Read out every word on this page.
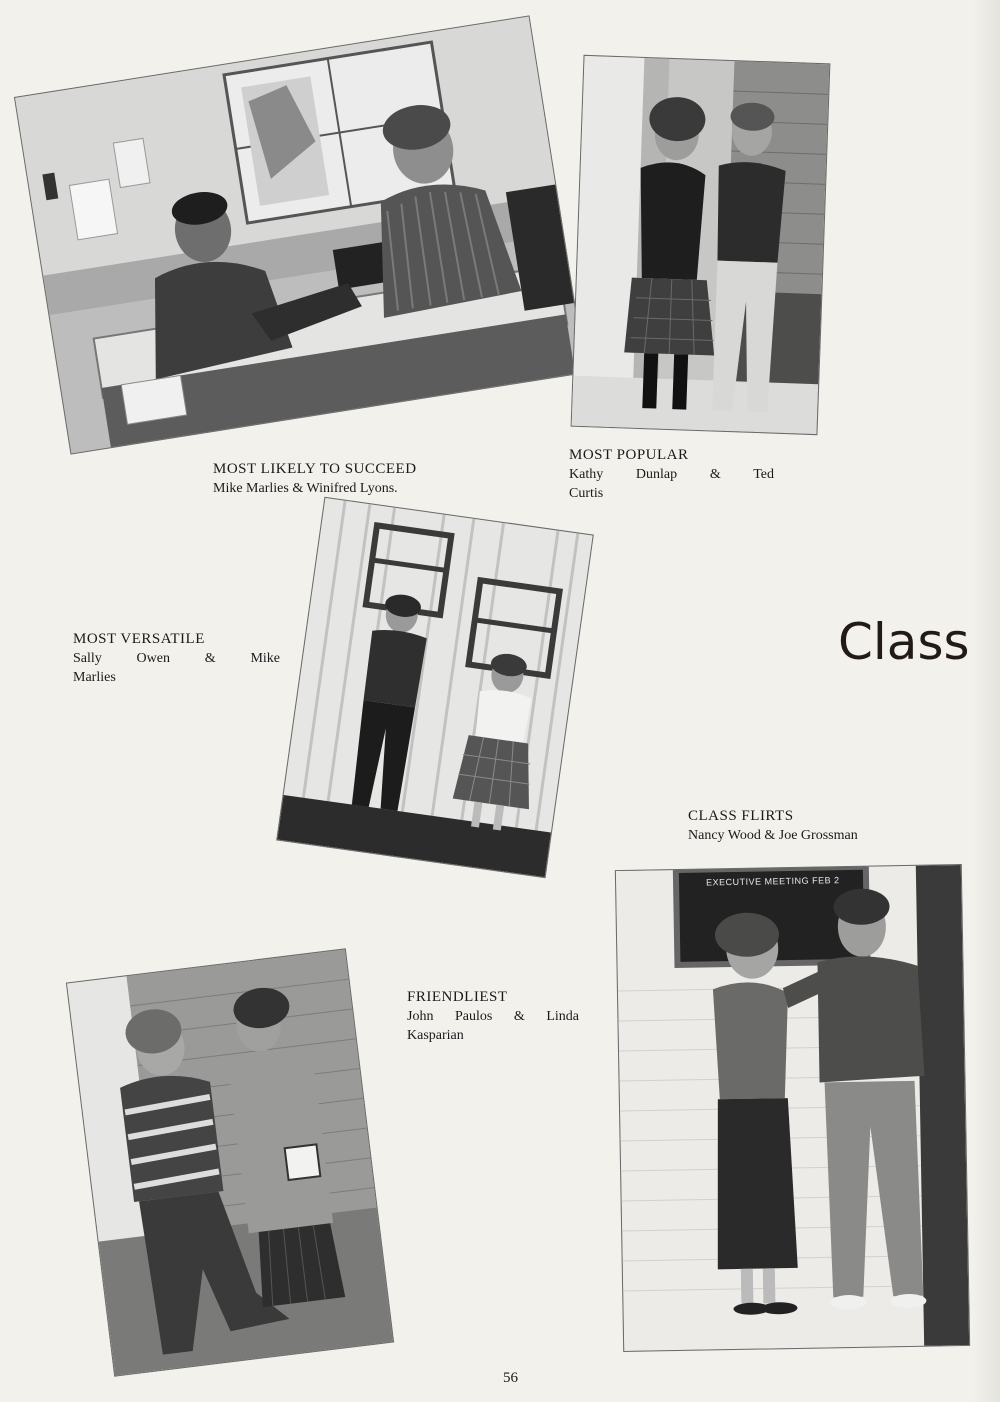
EXECUTIVE MEETING FEB 2
MOST LIKELY TO SUCCEED
Mike Marlies & Winifred Lyons.
MOST POPULAR
Kathy Dunlap & Ted
Curtis
MOST VERSATILE
Sally Owen & Mike
Marlies
CLASS FLIRTS
Nancy Wood & Joe Grossman
FRIENDLIEST
John Paulos & Linda
Kasparian
Class
56
